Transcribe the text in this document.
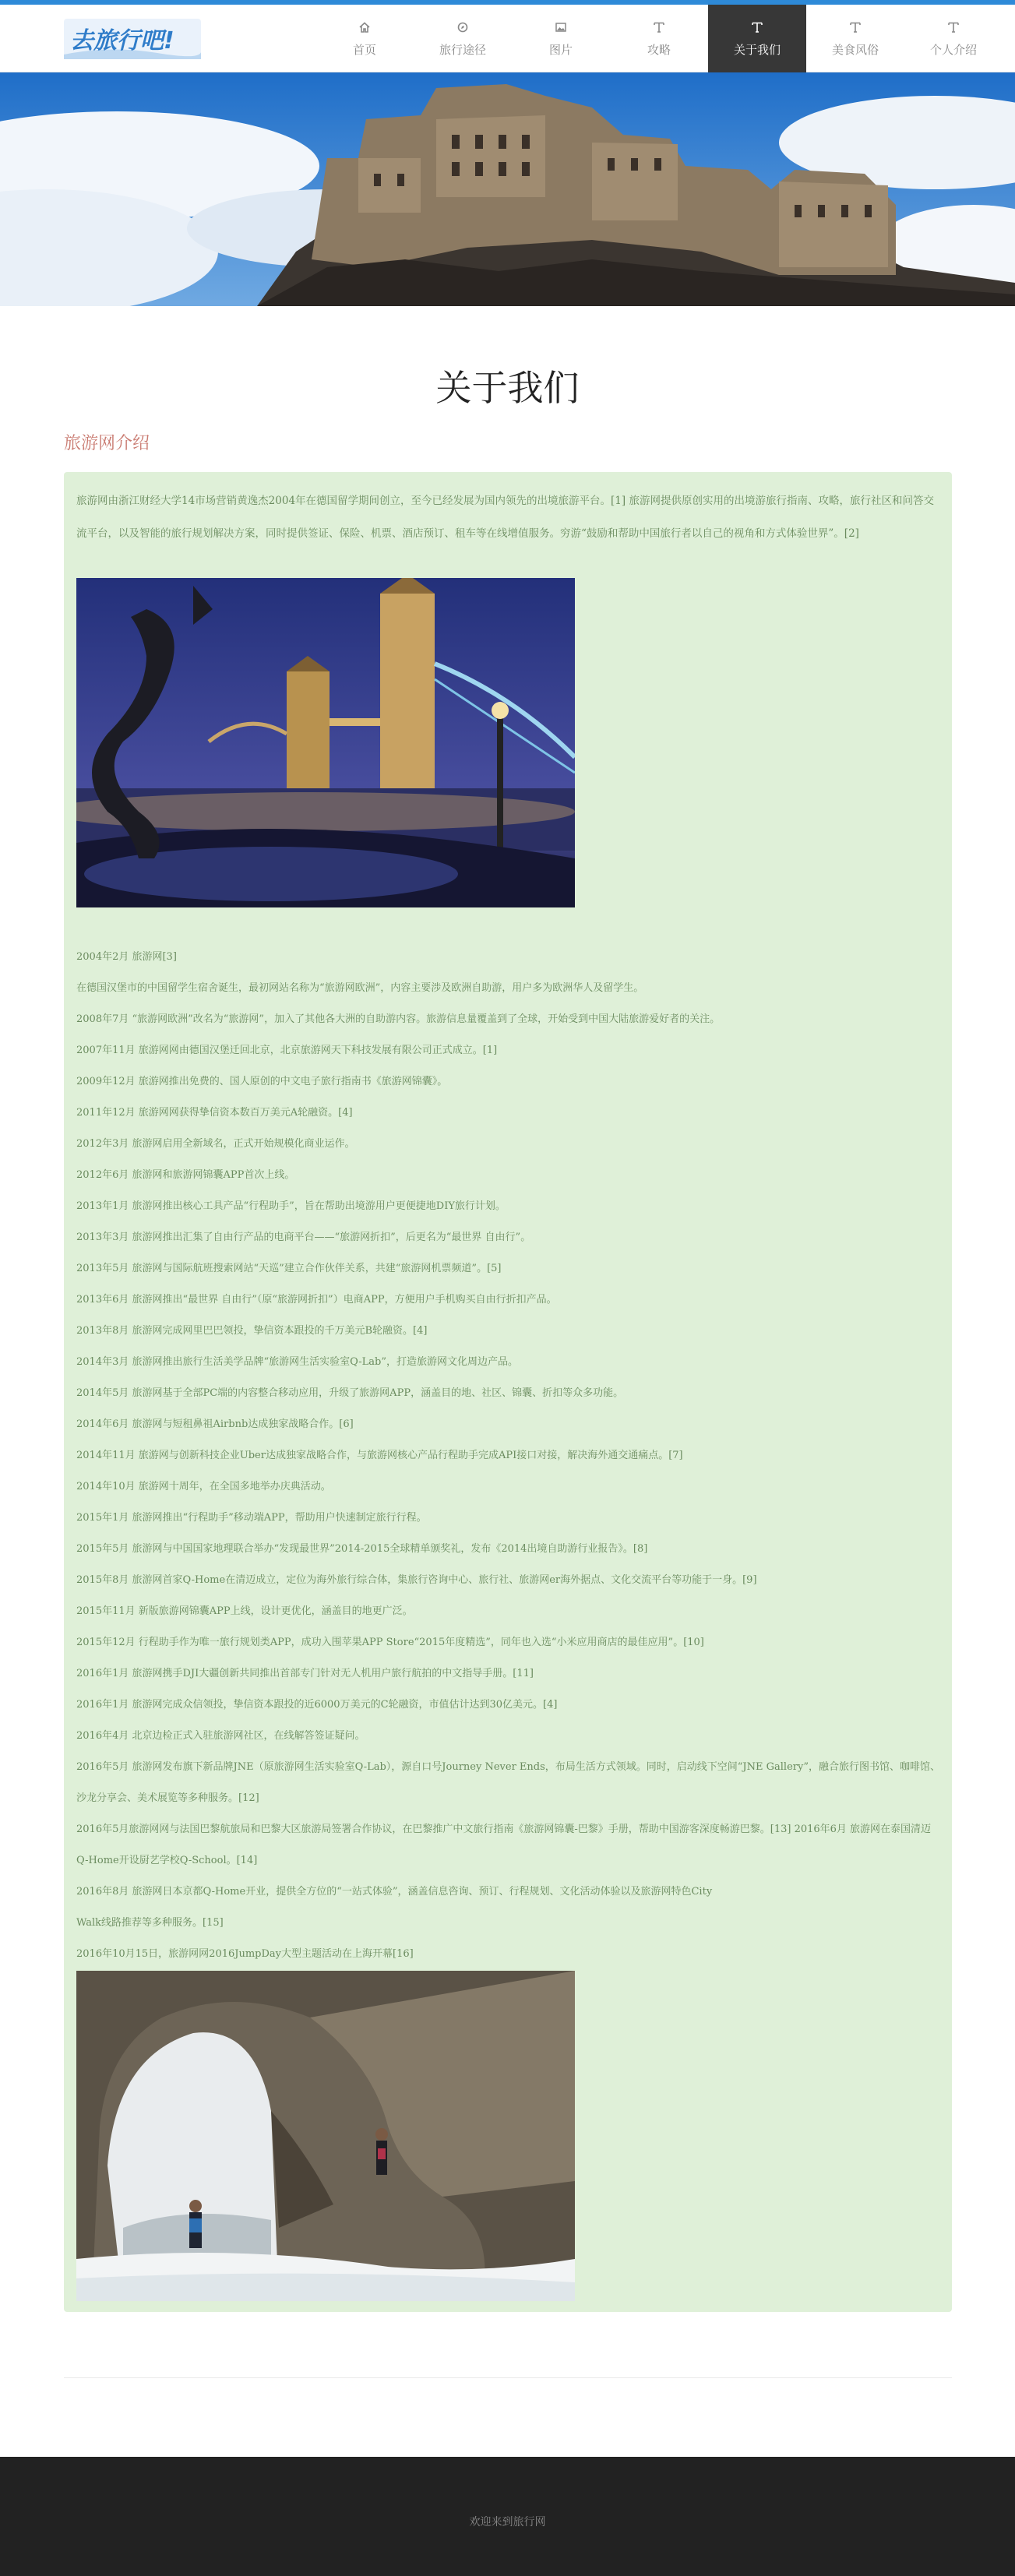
去旅行吧!	首页	旅行途径	图片	攻略	关于我们	美食风俗	个人介绍
关于我们
旅游网介绍

旅游网由浙江财经大学14市场营销黄逸杰2004年在德国留学期间创立，至今已经发展为国内领先的出境旅游平台。[1] 旅游网提供原创实用的出境游旅行指南、攻略，旅行社区和问答交流平台，以及智能的旅行规划解决方案，同时提供签证、保险、机票、酒店预订、租车等在线增值服务。穷游“鼓励和帮助中国旅行者以自己的视角和方式体验世界”。[2]

2004年2月 旅游网[3]
在德国汉堡市的中国留学生宿舍诞生，最初网站名称为“旅游网欧洲”，内容主要涉及欧洲自助游，用户多为欧洲华人及留学生。
2008年7月 “旅游网欧洲”改名为“旅游网”，加入了其他各大洲的自助游内容。旅游信息量覆盖到了全球，开始受到中国大陆旅游爱好者的关注。
2007年11月 旅游网网由德国汉堡迁回北京，北京旅游网天下科技发展有限公司正式成立。[1]
2009年12月 旅游网推出免费的、国人原创的中文电子旅行指南书《旅游网锦囊》。
2011年12月 旅游网网获得挚信资本数百万美元A轮融资。[4]
2012年3月 旅游网启用全新域名，正式开始规模化商业运作。
2012年6月 旅游网和旅游网锦囊APP首次上线。
2013年1月 旅游网推出核心工具产品“行程助手”，旨在帮助出境游用户更便捷地DIY旅行计划。
2013年3月 旅游网推出汇集了自由行产品的电商平台——“旅游网折扣”，后更名为“最世界 自由行”。
2013年5月 旅游网与国际航班搜索网站“天巡”建立合作伙伴关系，共建“旅游网机票频道”。[5]
2013年6月 旅游网推出“最世界 自由行”（原“旅游网折扣”）电商APP，方便用户手机购买自由行折扣产品。
2013年8月 旅游网完成网里巴巴领投，挚信资本跟投的千万美元B轮融资。[4]
2014年3月 旅游网推出旅行生活美学品牌“旅游网生活实验室Q-Lab”，打造旅游网文化周边产品。
2014年5月 旅游网基于全部PC端的内容整合移动应用，升级了旅游网APP，涵盖目的地、社区、锦囊、折扣等众多功能。
2014年6月 旅游网与短租鼻祖Airbnb达成独家战略合作。[6]
2014年11月 旅游网与创新科技企业Uber达成独家战略合作，与旅游网核心产品行程助手完成API接口对接，解决海外通交通痛点。[7]
2014年10月 旅游网十周年，在全国多地举办庆典活动。
2015年1月 旅游网推出“行程助手”移动端APP，帮助用户快速制定旅行行程。
2015年5月 旅游网与中国国家地理联合举办“发现最世界”2014-2015全球精单颁奖礼，发布《2014出境自助游行业报告》。[8]
2015年8月 旅游网首家Q-Home在清迈成立，定位为海外旅行综合体，集旅行咨询中心、旅行社、旅游网er海外据点、文化交流平台等功能于一身。[9]
2015年11月 新版旅游网锦囊APP上线，设计更优化，涵盖目的地更广泛。
2015年12月 行程助手作为唯一旅行规划类APP，成功入围苹果APP Store“2015年度精选”，同年也入选“小米应用商店的最佳应用”。[10]
2016年1月 旅游网携手DJI大疆创新共同推出首部专门针对无人机用户旅行航拍的中文指导手册。[11]
2016年1月 旅游网完成众信领投，挚信资本跟投的近6000万美元的C轮融资，市值估计达到30亿美元。[4]
2016年4月 北京边检正式入驻旅游网社区，在线解答签证疑问。
2016年5月 旅游网发布旗下新品牌JNE（原旅游网生活实验室Q-Lab），源自口号Journey Never Ends，布局生活方式领域。同时，启动线下空间“JNE Gallery”，融合旅行图书馆、咖啡馆、沙龙分享会、美术展览等多种服务。[12]
2016年5月旅游网网与法国巴黎航旅局和巴黎大区旅游局签署合作协议，在巴黎推广中文旅行指南《旅游网锦囊-巴黎》手册，帮助中国游客深度畅游巴黎。[13] 2016年6月 旅游网在泰国清迈Q-Home开设厨艺学校Q-School。[14]
2016年8月 旅游网日本京都Q-Home开业，提供全方位的“一站式体验”，涵盖信息咨询、预订、行程规划、文化活动体验以及旅游网特色City
Walk线路推荐等多种服务。[15]
2016年10月15日，旅游网网2016JumpDay大型主题活动在上海开幕[16]
欢迎来到旅行网
